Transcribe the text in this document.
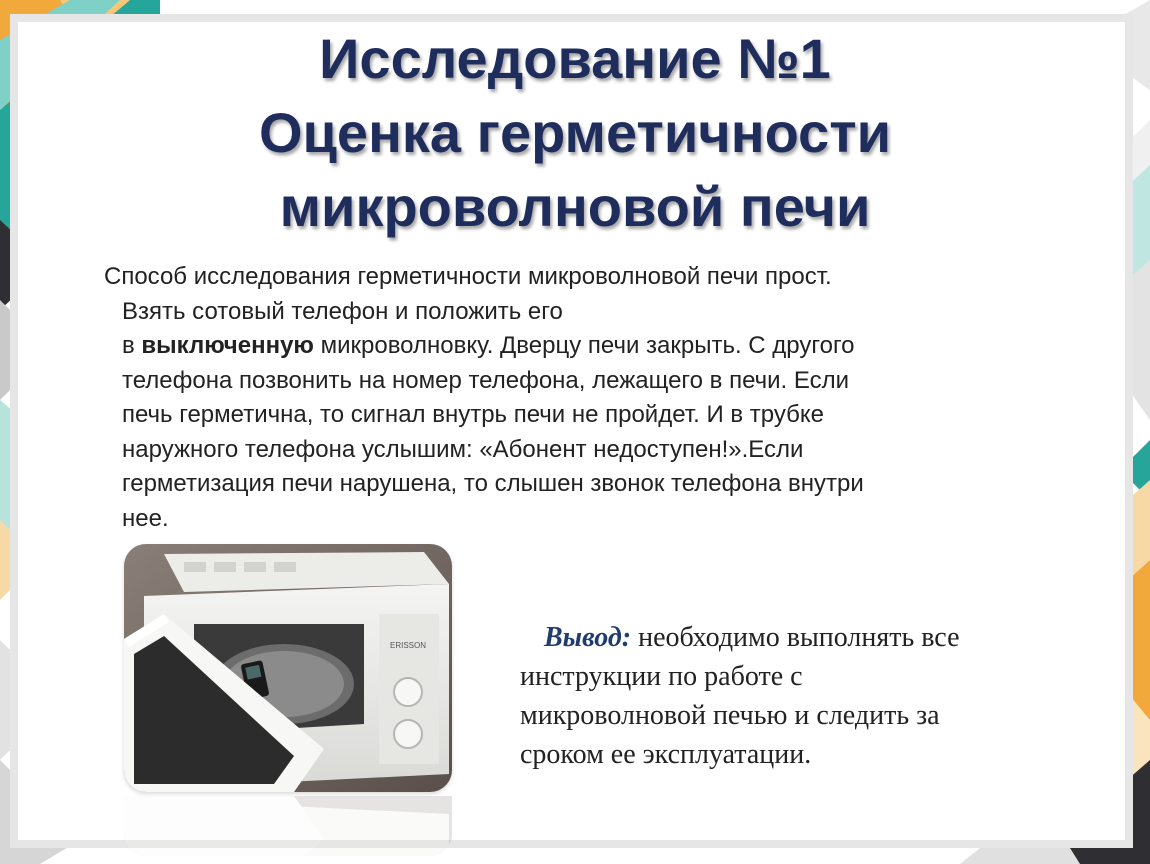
Исследование №1
Оценка герметичности
микроволновой печи

Способ исследования герметичности микроволновой печи прост.

Взять сотовый телефон и положить его

в выключенную микроволновку. Дверцу печи закрыть. С другого

телефона позвонить на номер телефона, лежащего в печи. Если

печь герметична, то сигнал внутрь печи не пройдет. И в трубке

наружного телефона услышим: «Абонент недоступен!».Если

герметизация печи нарушена, то слышен звонок телефона внутри

нее.

ERISSON	Вывод: необходимо выполнять все
инструкции по работе с
микроволновой печью и следить за
сроком ее эксплуатации.
